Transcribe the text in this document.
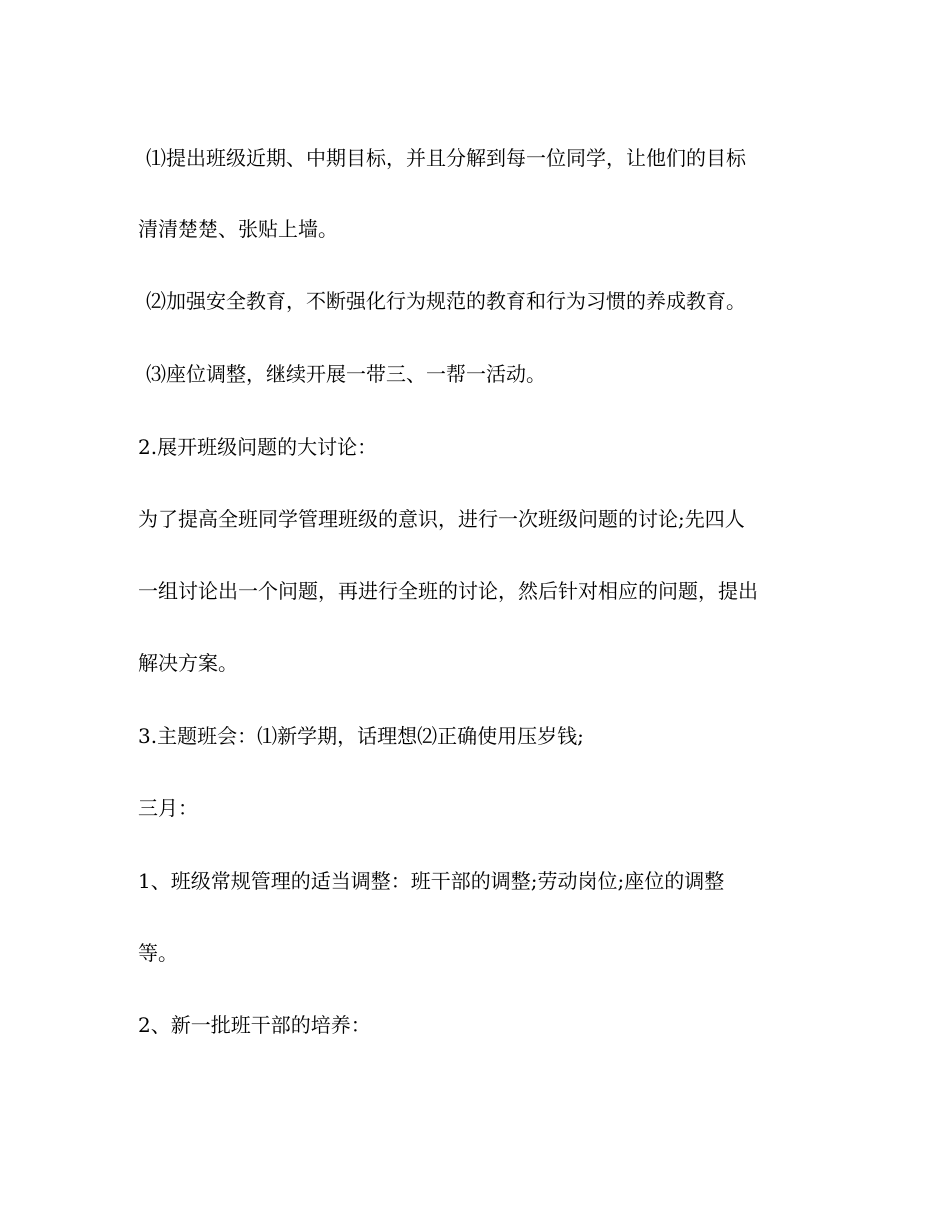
⑴提出班级近期、中期目标，并且分解到每一位同学，让他们的目标
清清楚楚、张贴上墙。
⑵加强安全教育，不断强化行为规范的教育和行为习惯的养成教育。
⑶座位调整，继续开展一带三、一帮一活动。
2.展开班级问题的大讨论：
为了提高全班同学管理班级的意识，进行一次班级问题的讨论;先四人
一组讨论出一个问题，再进行全班的讨论，然后针对相应的问题，提出
解决方案。
3.主题班会：⑴新学期，话理想⑵正确使用压岁钱;
三月：
1、班级常规管理的适当调整：班干部的调整;劳动岗位;座位的调整
等。
2、新一批班干部的培养：
